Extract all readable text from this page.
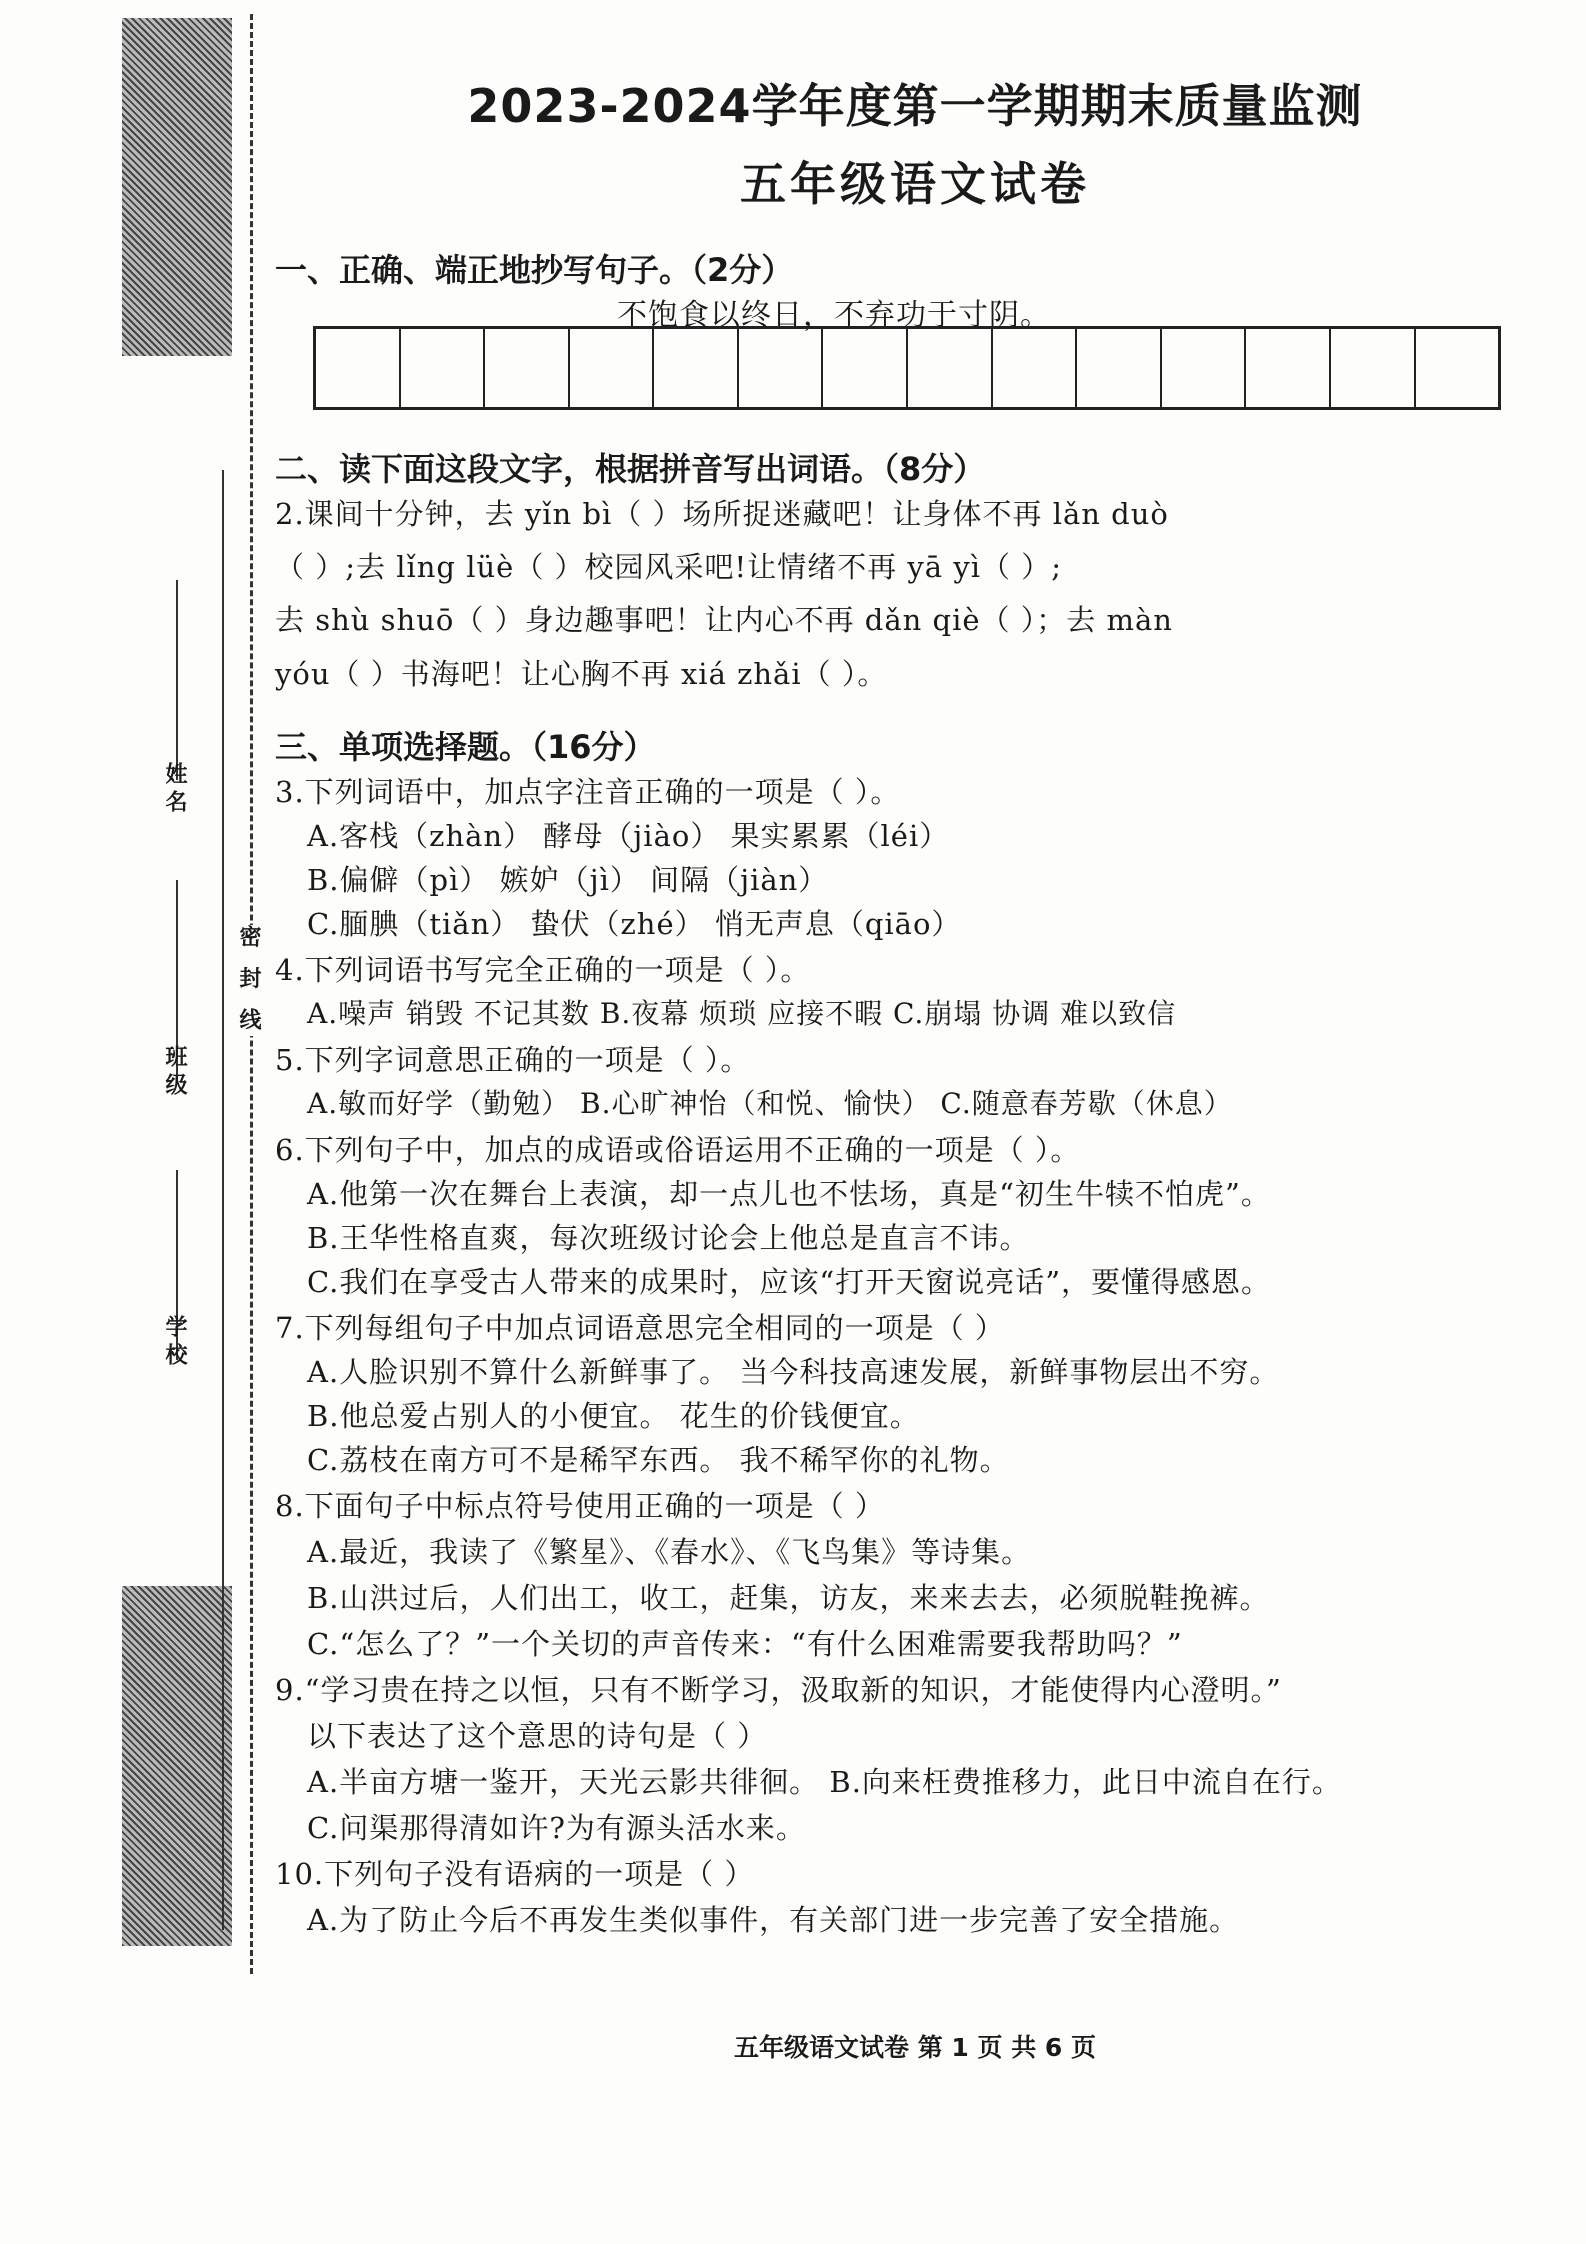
姓名
班级
学校
密 封 线
2023-2024学年度第一学期期末质量监测
五年级语文试卷
一、正确、端正地抄写句子。（2分）
不饱食以终日，不弃功于寸阴。
二、读下面这段文字，根据拼音写出词语。（8分）
2.课间十分钟，去 yǐn bì（ ）场所捉迷藏吧！让身体不再 lǎn duò
（ ）;去 lǐng lüè（ ）校园风采吧!让情绪不再 yā yì（ ）;
去 shù shuō（ ）身边趣事吧！让内心不再 dǎn qiè（ ）；去 màn
yóu（ ）书海吧！让心胸不再 xiá zhǎi（ ）。
三、单项选择题。（16分）
3.下列词语中，加点字注音正确的一项是（ ）。
A.客栈（zhàn） 酵母（jiào） 果实累累（léi）
B.偏僻（pì） 嫉妒（jì） 间隔（jiàn）
C.腼腆（tiǎn） 蛰伏（zhé） 悄无声息（qiāo）
4.下列词语书写完全正确的一项是（ ）。
A.噪声 销毁 不记其数 B.夜幕 烦琐 应接不暇 C.崩塌 协调 难以致信
5.下列字词意思正确的一项是（ ）。
A.敏而好学（勤勉） B.心旷神怡（和悦、愉快） C.随意春芳歇（休息）
6.下列句子中，加点的成语或俗语运用不正确的一项是（ ）。
A.他第一次在舞台上表演，却一点儿也不怯场，真是“初生牛犊不怕虎”。
B.王华性格直爽，每次班级讨论会上他总是直言不讳。
C.我们在享受古人带来的成果时，应该“打开天窗说亮话”，要懂得感恩。
7.下列每组句子中加点词语意思完全相同的一项是（ ）
A.人脸识别不算什么新鲜事了。 当今科技高速发展，新鲜事物层出不穷。
B.他总爱占别人的小便宜。 花生的价钱便宜。
C.荔枝在南方可不是稀罕东西。 我不稀罕你的礼物。
8.下面句子中标点符号使用正确的一项是（ ）
A.最近，我读了《繁星》、《春水》、《飞鸟集》等诗集。
B.山洪过后，人们出工，收工，赶集，访友，来来去去，必须脱鞋挽裤。
C.“怎么了？”一个关切的声音传来：“有什么困难需要我帮助吗？”
9.“学习贵在持之以恒，只有不断学习，汲取新的知识，才能使得内心澄明。”
以下表达了这个意思的诗句是（ ）
A.半亩方塘一鉴开，天光云影共徘徊。 B.向来枉费推移力，此日中流自在行。
C.问渠那得清如许?为有源头活水来。
10.下列句子没有语病的一项是（ ）
A.为了防止今后不再发生类似事件，有关部门进一步完善了安全措施。
五年级语文试卷 第 1 页 共 6 页
